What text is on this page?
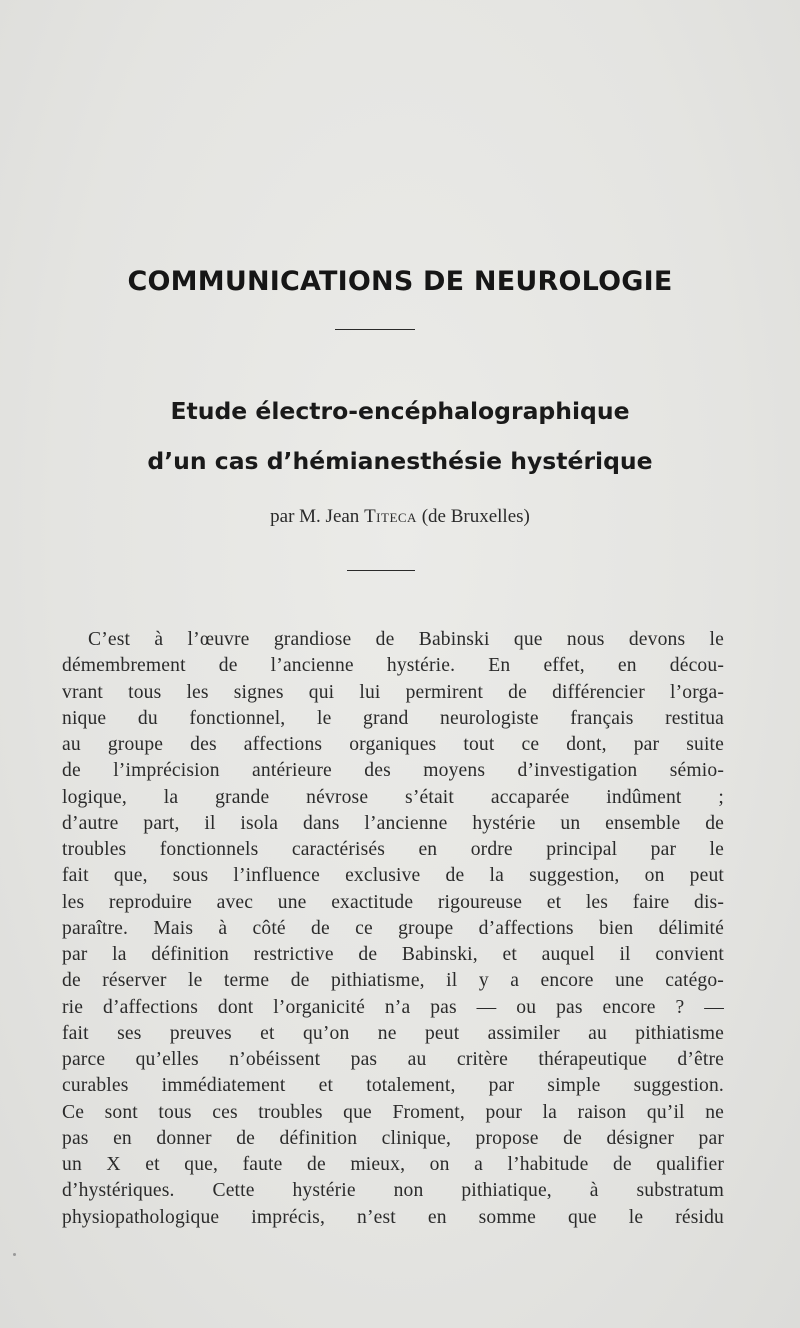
COMMUNICATIONS DE NEUROLOGIE
Etude électro-encéphalographique
d’un cas d’hémianesthésie hystérique
par M. Jean Titeca (de Bruxelles)
C’est à l’œuvre grandiose de Babinski que nous devons le
démembrement de l’ancienne hystérie. En effet, en décou-
vrant tous les signes qui lui permirent de différencier l’orga-
nique du fonctionnel, le grand neurologiste français restitua
au groupe des affections organiques tout ce dont, par suite
de l’imprécision antérieure des moyens d’investigation sémio-
logique, la grande névrose s’était accaparée indûment ;
d’autre part, il isola dans l’ancienne hystérie un ensemble de
troubles fonctionnels caractérisés en ordre principal par le
fait que, sous l’influence exclusive de la suggestion, on peut
les reproduire avec une exactitude rigoureuse et les faire dis-
paraître. Mais à côté de ce groupe d’affections bien délimité
par la définition restrictive de Babinski, et auquel il convient
de réserver le terme de pithiatisme, il y a encore une catégo-
rie d’affections dont l’organicité n’a pas — ou pas encore ? —
fait ses preuves et qu’on ne peut assimiler au pithiatisme
parce qu’elles n’obéissent pas au critère thérapeutique d’être
curables immédiatement et totalement, par simple suggestion.
Ce sont tous ces troubles que Froment, pour la raison qu’il ne
pas en donner de définition clinique, propose de désigner par
un X et que, faute de mieux, on a l’habitude de qualifier
d’hystériques. Cette hystérie non pithiatique, à substratum
physiopathologique imprécis, n’est en somme que le résidu
